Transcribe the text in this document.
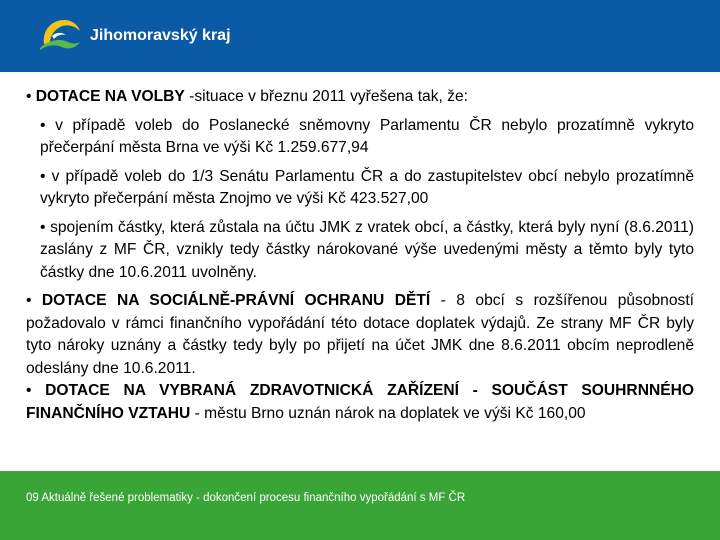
Jihomoravský kraj

• DOTACE NA VOLBY -situace v březnu 2011 vyřešena tak, že:

• v případě voleb do Poslanecké sněmovny Parlamentu ČR nebylo prozatímně vykryto přečerpání města Brna ve výši Kč 1.259.677,94

• v případě voleb do 1/3 Senátu Parlamentu ČR a do zastupitelstev obcí nebylo prozatímně vykryto přečerpání města Znojmo ve výši Kč 423.527,00

• spojením částky, která zůstala na účtu JMK z vratek obcí, a částky, která byly nyní (8.6.2011) zaslány z MF ČR, vznikly tedy částky nárokované výše uvedenými městy a těmto byly tyto částky dne 10.6.2011 uvolněny.

• DOTACE NA SOCIÁLNĚ-PRÁVNÍ OCHRANU DĚTÍ - 8 obcí s rozšířenou působností požadovalo v rámci finančního vypořádání této dotace doplatek výdajů. Ze strany MF ČR byly tyto nároky uznány a částky tedy byly po přijetí na účet JMK dne 8.6.2011 obcím neprodleně odeslány dne 10.6.2011.

• DOTACE NA VYBRANÁ ZDRAVOTNICKÁ ZAŘÍZENÍ - SOUČÁST SOUHRNNÉHO FINANČNÍHO VZTAHU - městu Brno uznán nárok na doplatek ve výši Kč 160,00

09 Aktuálně řešené problematiky - dokončení procesu finančního vypořádání s MF ČR
